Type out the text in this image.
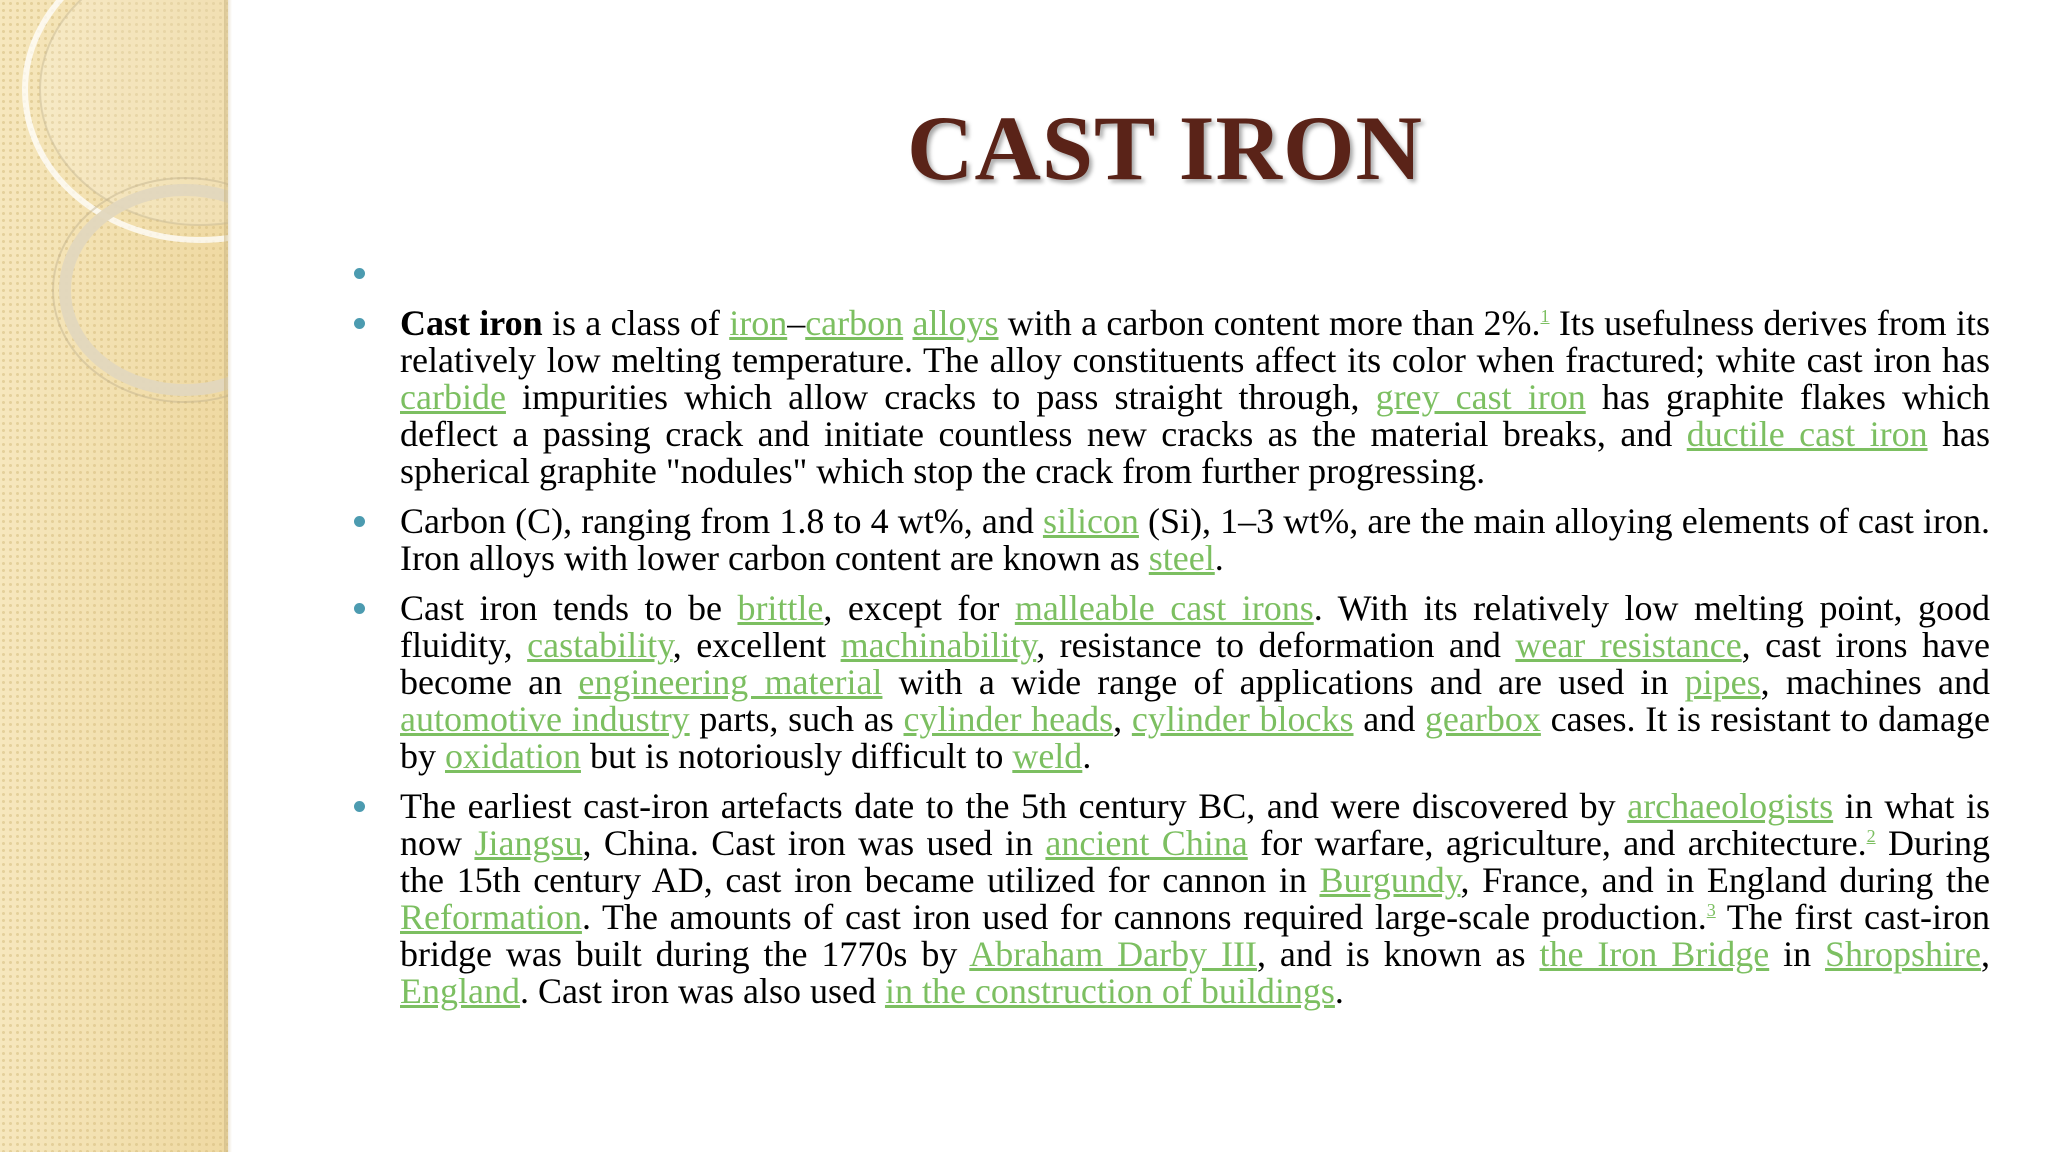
CAST IRON
Cast iron is a class of iron–carbon alloys with a carbon content more than 2%.$^1$ Its usefulness derives from its relatively low melting temperature. The alloy constituents affect its color when fractured; white cast iron has carbide impurities which allow cracks to pass straight through, grey cast iron has graphite flakes which deflect a passing crack and initiate countless new cracks as the material breaks, and ductile cast iron has spherical graphite "nodules" which stop the crack from further progressing.
Carbon (C), ranging from 1.8 to 4 wt%, and silicon (Si), 1–3 wt%, are the main alloying elements of cast iron. Iron alloys with lower carbon content are known as steel.
Cast iron tends to be brittle, except for malleable cast irons. With its relatively low melting point, good fluidity, castability, excellent machinability, resistance to deformation and wear resistance, cast irons have become an engineering material with a wide range of applications and are used in pipes, machines and automotive industry parts, such as cylinder heads, cylinder blocks and gearbox cases. It is resistant to damage by oxidation but is notoriously difficult to weld.
The earliest cast-iron artefacts date to the 5th century BC, and were discovered by archaeologists in what is now Jiangsu, China. Cast iron was used in ancient China for warfare, agriculture, and architecture.$^2$ During the 15th century AD, cast iron became utilized for cannon in Burgundy, France, and in England during the Reformation. The amounts of cast iron used for cannons required large-scale production.$^3$ The first cast-iron bridge was built during the 1770s by Abraham Darby III, and is known as the Iron Bridge in Shropshire, England. Cast iron was also used in the construction of buildings.
